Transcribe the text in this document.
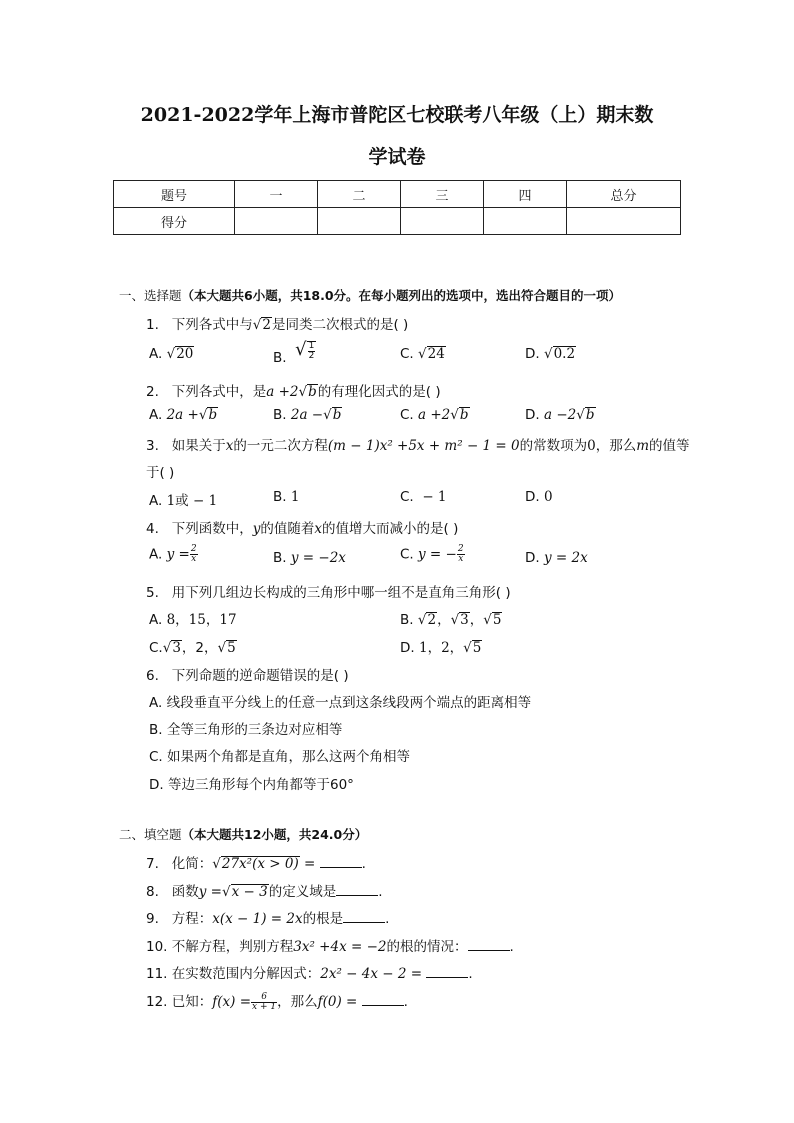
2021-2022学年上海市普陀区七校联考八年级（上）期末数
学试卷
题号	一	二	三	四	总分
得分					
一、选择题（本大题共6小题，共18.0分。在每小题列出的选项中，选出符合题目的一项）
1. 下列各式中与√2是同类二次根式的是( )
A. √20	B. √ $\frac{1}{2}$	C. √24	D. √0.2
2. 下列各式中，是a +2√b的有理化因式的是( )
A. 2a +√b	B. 2a −√b	C. a +2√b	D. a −2√b
3. 如果关于x的一元二次方程(m − 1)x² +5x + m² − 1 = 0的常数项为0，那么m的值等
于( )
A. 1或 − 1	B. 1	C. − 1	D. 0
4. 下列函数中，y的值随着x的值增大而减小的是( )
A. $y = \frac{2}{x}$	B. y = −2x	C. y = − $\frac{2}{x}$	D. y = 2x
5. 用下列几组边长构成的三角形中哪一组不是直角三角形( )
A. 8，15，17	B. √2，√3，√5
C.√3，2，√5	D. 1，2，√5
6. 下列命题的逆命题错误的是( )
A. 线段垂直平分线上的任意一点到这条线段两个端点的距离相等
B. 全等三角形的三条边对应相等
C. 如果两个角都是直角，那么这两个角相等
D. 等边三角形每个内角都等于60°
二、填空题（本大题共12小题，共24.0分）
7. 化简：√27x²(x > 0) =	.
8. 函数y =√x − 3的定义域是	.
9. 方程：x(x − 1) = 2x的根是	.
10. 不解方程，判别方程3x² +4x = −2的根的情况：	.
11. 在实数范围内分解因式：2x² − 4x − 2 =	.
12. 已知：$f(x) = \frac{6}{x + 1}$ ，那么f(0) =	.
